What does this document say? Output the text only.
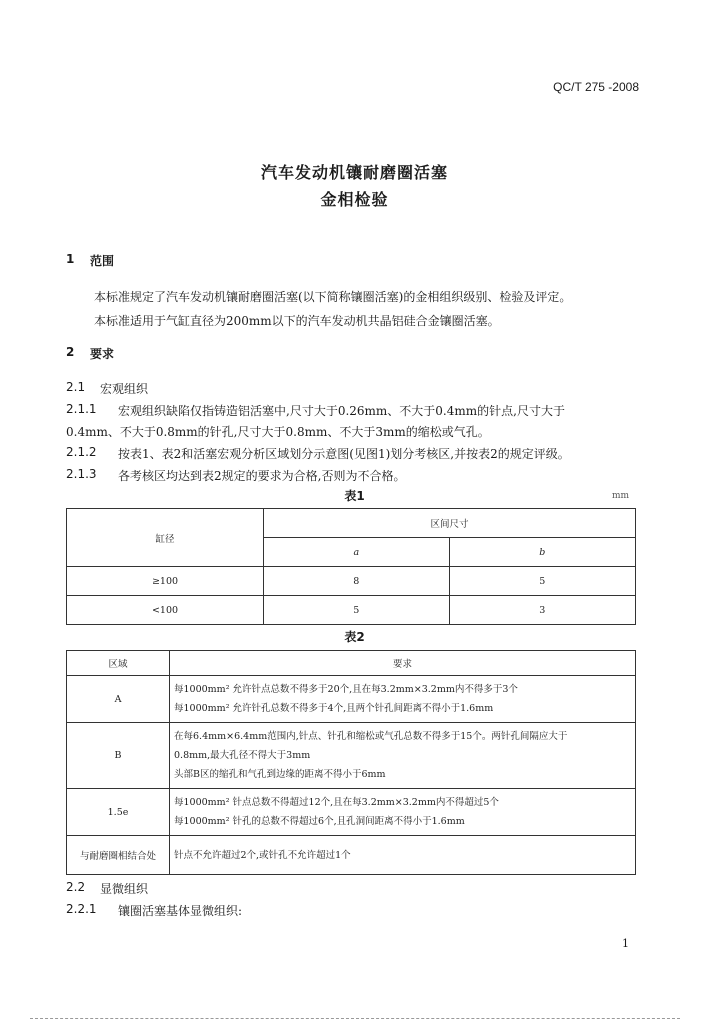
QC/T 275 -2008
汽车发动机镶耐磨圈活塞
金相检验
1 范围
本标准规定了汽车发动机镶耐磨圈活塞(以下简称镶圈活塞)的金相组织级别、检验及评定。
本标准适用于气缸直径为200mm以下的汽车发动机共晶铝硅合金镶圈活塞。
2 要求
2.1 宏观组织
2.1.1 宏观组织缺陷仅指铸造铝活塞中,尺寸大于0.26mm、不大于0.4mm的针点,尺寸大于
0.4mm、不大于0.8mm的针孔,尺寸大于0.8mm、不大于3mm的缩松或气孔。
2.1.2 按表1、表2和活塞宏观分析区域划分示意图(见图1)划分考核区,并按表2的规定评级。
2.1.3 各考核区均达到表2规定的要求为合格,否则为不合格。
表1	mm
缸径	区间尺寸	
	a	b
≥100	8	5
<100	5	3
表2
区域	要求
A	每1000mm² 允许针点总数不得多于20个,且在每3.2mm×3.2mm内不得多于3个
每1000mm² 允许针孔总数不得多于4个,且两个针孔间距离不得小于1.6mm

B	在每6.4mm×6.4mm范围内,针点、针孔和缩松或气孔总数不得多于15个。两针孔间隔应大于
0.8mm,最大孔径不得大于3mm
头部B区的缩孔和气孔到边缘的距离不得小于6mm

1.5e	每1000mm² 针点总数不得超过12个,且在每3.2mm×3.2mm内不得超过5个
每1000mm² 针孔的总数不得超过6个,且孔洞间距离不得小于1.6mm

与耐磨圈相结合处	针点不允许超过2个,或针孔不允许超过1个
2.2 显微组织
2.2.1 镶圈活塞基体显微组织:
1
